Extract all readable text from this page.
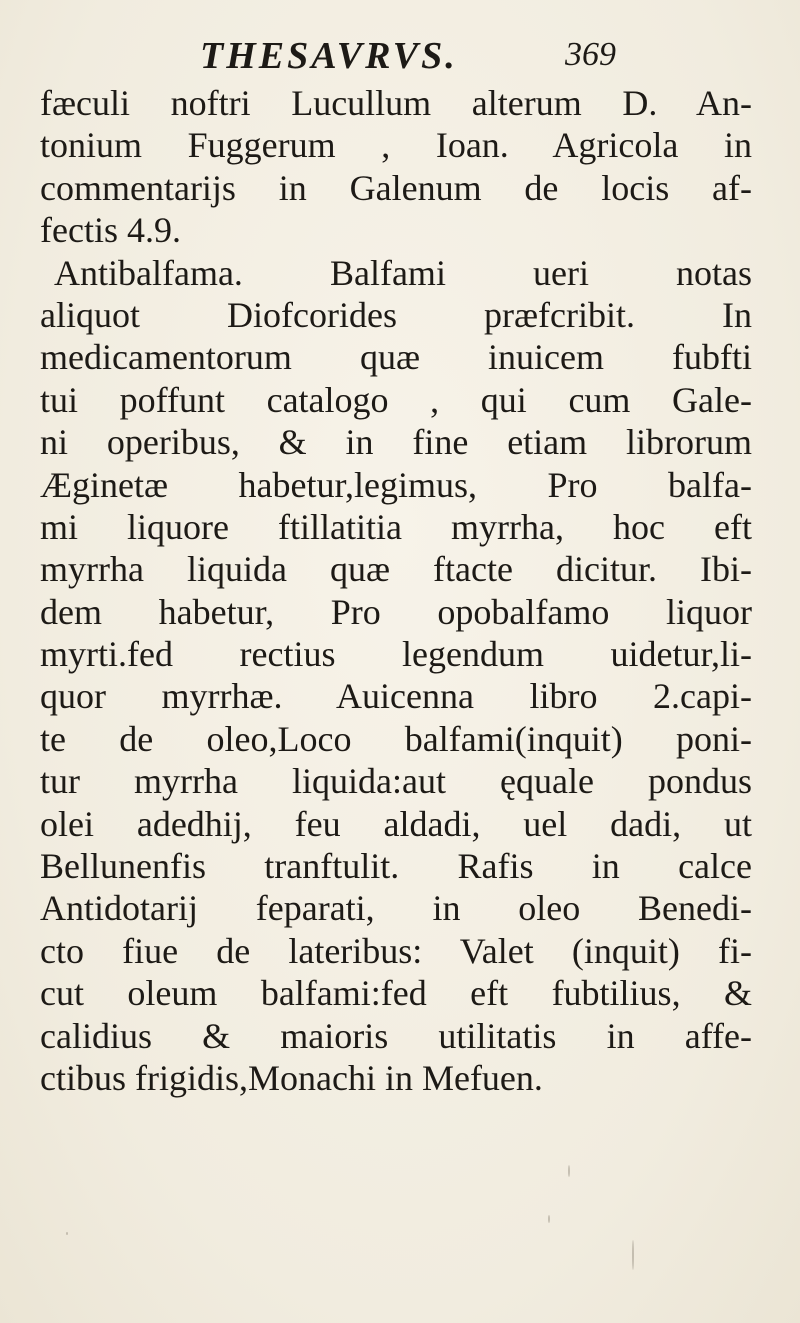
THESAVRVS.	369
fæculi noftri Lucullum alterum D. An-
tonium Fuggerum , Ioan. Agricola in
commentarijs in Galenum de locis af-
fectis 4.9.
Antibalfama. Balfami ueri notas
aliquot Diofcorides præfcribit. In
medicamentorum quæ inuicem fubfti
tui poffunt catalogo , qui cum Gale-
ni operibus, & in fine etiam librorum
Æginetæ habetur,legimus, Pro balfa-
mi liquore ftillatitia myrrha, hoc eft
myrrha liquida quæ ftacte dicitur. Ibi-
dem habetur, Pro opobalfamo liquor
myrti.fed rectius legendum uidetur,li-
quor myrrhæ. Auicenna libro 2.capi-
te de oleo,Loco balfami(inquit) poni-
tur myrrha liquida:aut ęquale pondus
olei adedhij, feu aldadi, uel dadi, ut
Bellunenfis tranftulit. Rafis in calce
Antidotarij feparati, in oleo Benedi-
cto fiue de lateribus: Valet (inquit) fi-
cut oleum balfami:fed eft fubtilius, &
calidius & maioris utilitatis in affe-
ctibus frigidis,Monachi in Mefuen.
